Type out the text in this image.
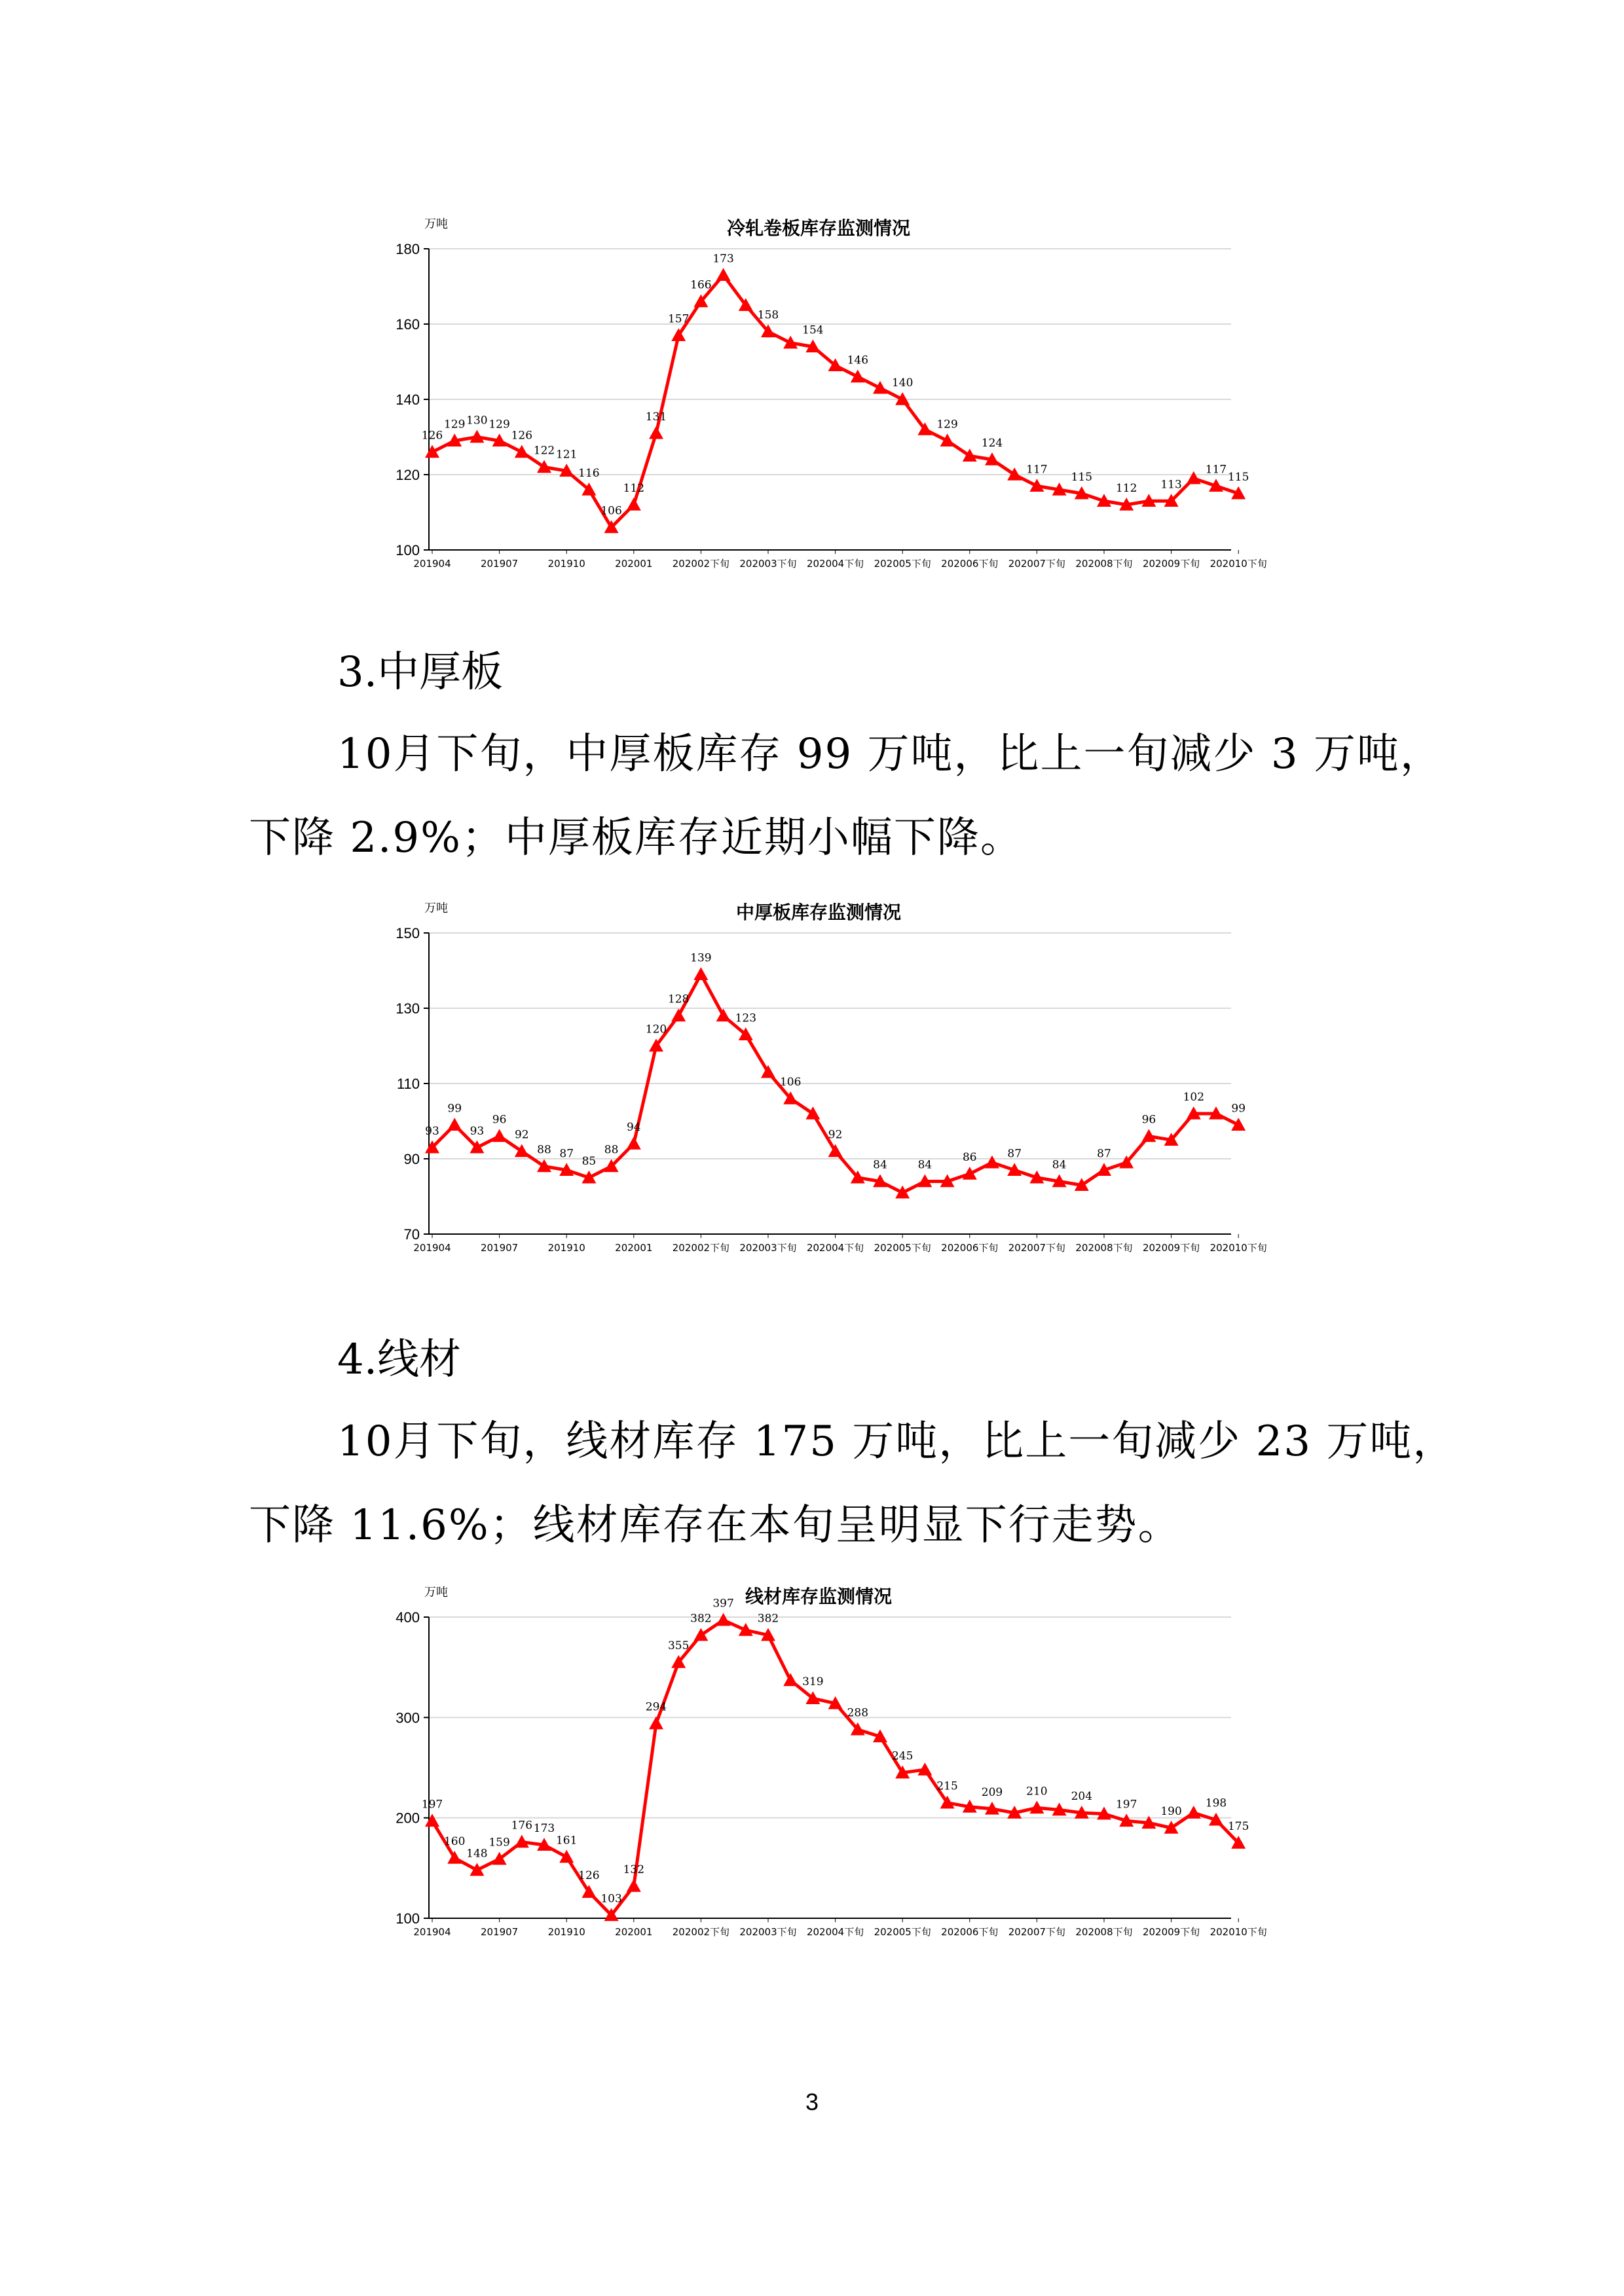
冷轧卷板库存监测情况
万吨
100
120
140
160
180
201904	201907	201910	202001 202002下旬 202003下旬 202004下旬 202005下旬 202006下旬 202007下旬 202008下旬 202009下旬 202010下旬
126
129 130 129
126
122 121
116
106
112
131
157
166
173
158
154
146
140
129
124
117
115
112 113
117
115
3.中厚板
10月下旬，中厚板库存 99 万吨，比上一旬减少 3 万吨，
下降 2.9%；中厚板库存近期小幅下降。
中厚板库存监测情况
万吨
70
90
110
130
150
201904	201907	201910	202001 202002下旬 202003下旬 202004下旬 202005下旬 202006下旬 202007下旬 202008下旬 202009下旬 202010下旬
93
99
93
96
92
88 87
85
88
94
120
128
139
123
106
92
84	84
86	87
84
87
96
102
99
4.线材
10月下旬，线材库存 175 万吨，比上一旬减少 23 万吨，
下降 11.6%；线材库存在本旬呈明显下行走势。
线材库存监测情况
万吨
100
200
300
400
201904	201907	201910	202001 202002下旬 202003下旬 202004下旬 202005下旬 202006下旬 202007下旬 202008下旬 202009下旬 202010下旬
197
160
148
159
176 173
161
126
103
132
294
355
382
397
382
319
288
245
215 209 210 204
197
190
198
175
3
